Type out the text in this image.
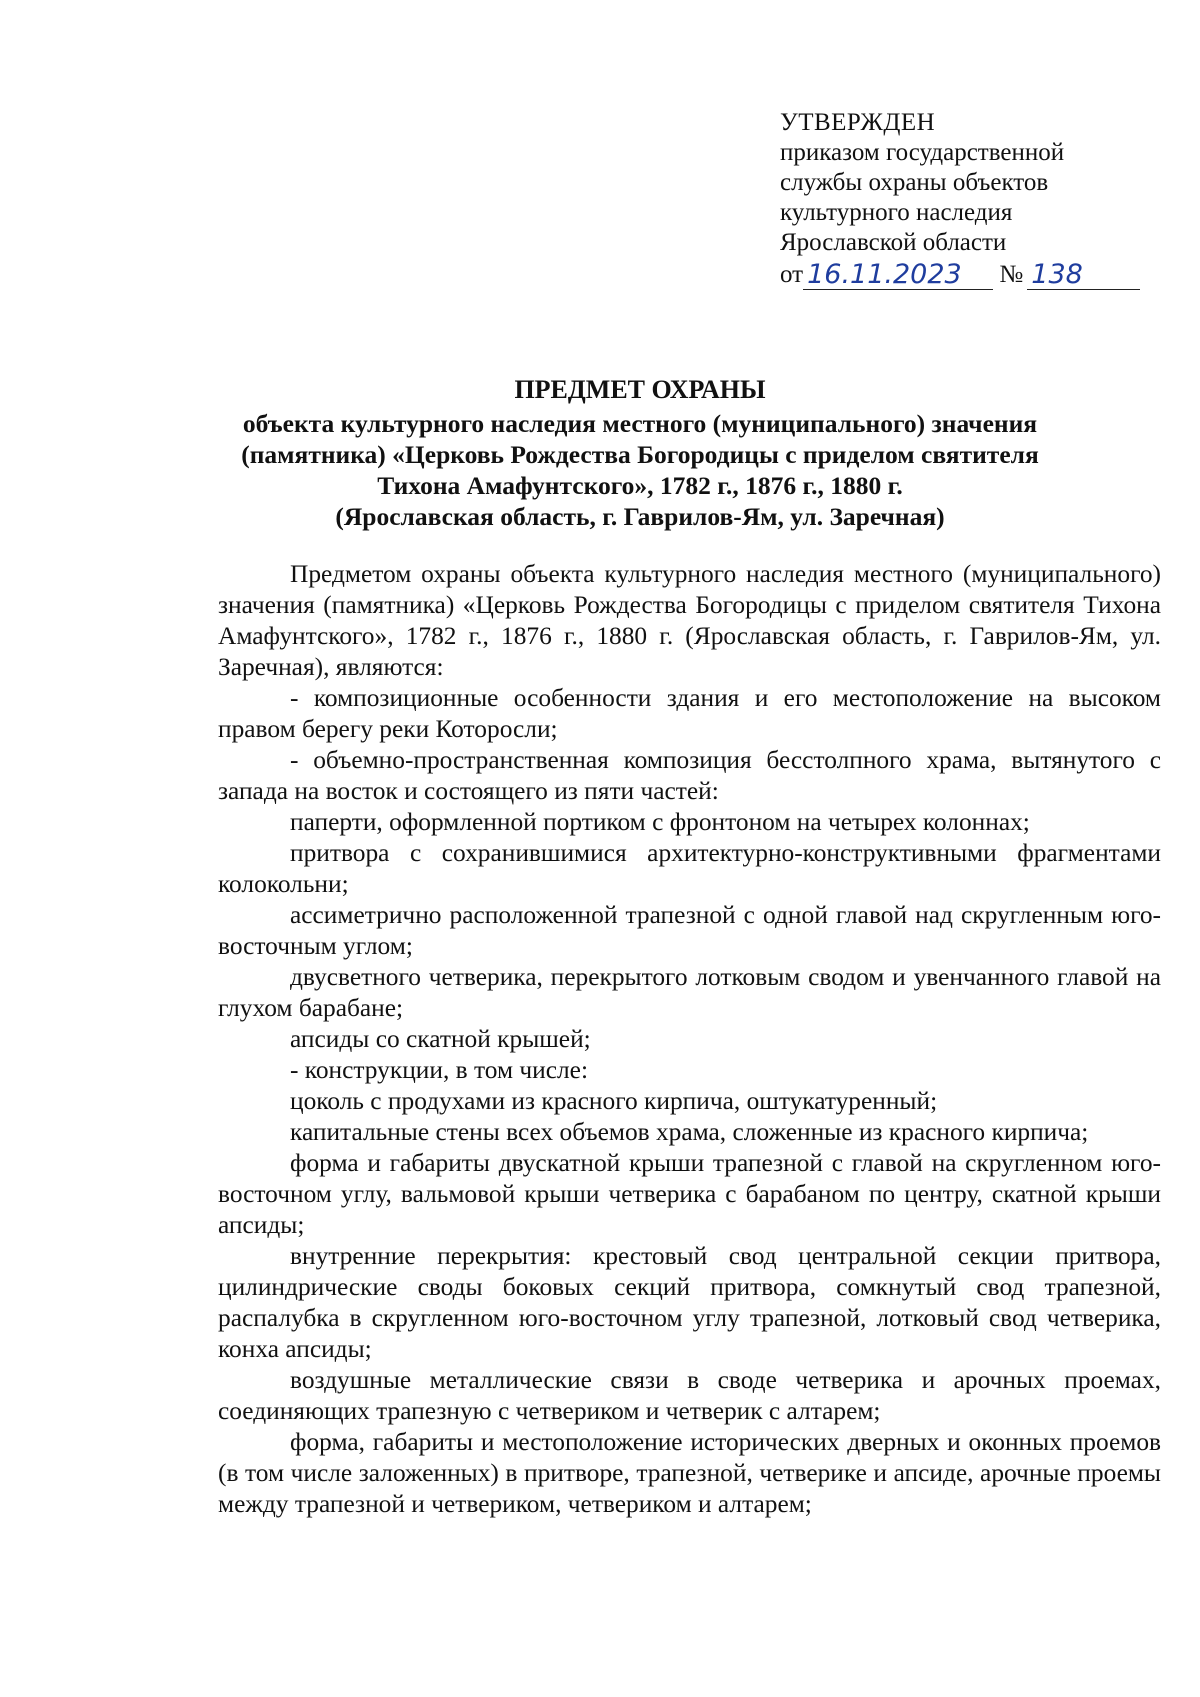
УТВЕРЖДЕН
приказом государственной
службы охраны объектов
культурного наследия
Ярославской области
от 16.11.2023	№ 138
ПРЕДМЕТ ОХРАНЫ
объекта культурного наследия местного (муниципального) значения
(памятника) «Церковь Рождества Богородицы с приделом святителя
Тихона Амафунтского», 1782 г., 1876 г., 1880 г.
(Ярославская область, г. Гаврилов-Ям, ул. Заречная)

Предметом охраны объекта культурного наследия местного (муниципального) значения (памятника) «Церковь Рождества Богородицы с приделом святителя Тихона Амафунтского», 1782 г., 1876 г., 1880 г. (Ярославская область, г. Гаврилов-Ям, ул. Заречная), являются:

- композиционные особенности здания и его местоположение на высоком правом берегу реки Которосли;

- объемно-пространственная композиция бесстолпного храма, вытянутого с запада на восток и состоящего из пяти частей:

паперти, оформленной портиком с фронтоном на четырех колоннах;

притвора с сохранившимися архитектурно-конструктивными фрагментами колокольни;

ассиметрично расположенной трапезной с одной главой над скругленным юго-восточным углом;

двусветного четверика, перекрытого лотковым сводом и увенчанного главой на глухом барабане;

апсиды со скатной крышей;

- конструкции, в том числе:

цоколь с продухами из красного кирпича, оштукатуренный;

капитальные стены всех объемов храма, сложенные из красного кирпича;

форма и габариты двускатной крыши трапезной с главой на скругленном юго-восточном углу, вальмовой крыши четверика с барабаном по центру, скатной крыши апсиды;

внутренние перекрытия: крестовый свод центральной секции притвора, цилиндрические своды боковых секций притвора, сомкнутый свод трапезной, распалубка в скругленном юго-восточном углу трапезной, лотковый свод четверика, конха апсиды;

воздушные металлические связи в своде четверика и арочных проемах, соединяющих трапезную с четвериком и четверик с алтарем;

форма, габариты и местоположение исторических дверных и оконных проемов (в том числе заложенных) в притворе, трапезной, четверике и апсиде, арочные проемы между трапезной и четвериком, четвериком и алтарем;
